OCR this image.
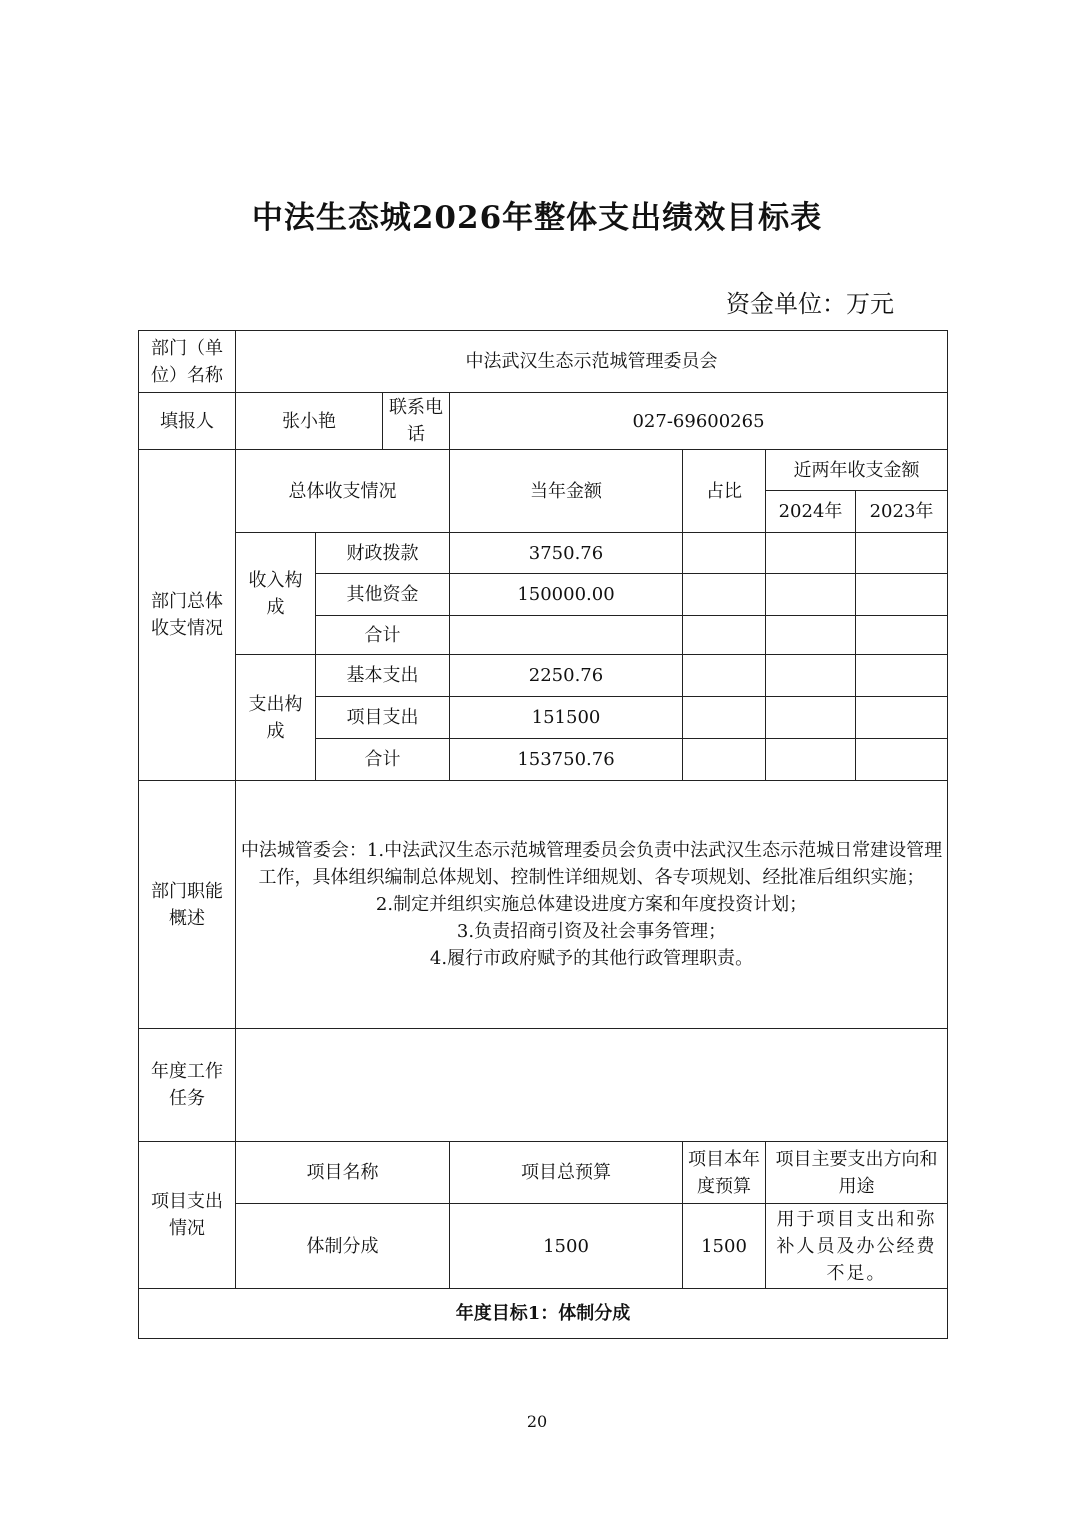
中法生态城2026年整体支出绩效目标表
资金单位：万元
部门（单位）名称	中法武汉生态示范城管理委员会						
填报人	张小艳		联系电话	027-69600265			
部门总体收支情况	总体收支情况			当年金额	占比	近两年收支金额	
						2024年	2023年
	收入构成	财政拨款		3750.76			
		其他资金		150000.00			
		合计					
	支出构成	基本支出		2250.76			
		项目支出		151500			
		合计		153750.76			
部门职能概述	中法城管委会：1.中法武汉生态示范城管理委员会负责中法武汉生态示范城日常建设管理工作，具体组织编制总体规划、控制性详细规划、各专项规划、经批准后组织实施；
2.制定并组织实施总体建设进度方案和年度投资计划；
3.负责招商引资及社会事务管理；
4.履行市政府赋予的其他行政管理职责。						

年度工作任务							
项目支出情况	项目名称			项目总预算	项目本年度预算	项目主要支出方向和用途	
	体制分成			1500	1500	用于项目支出和弥补人员及办公经费不足。	
年度目标1：体制分成							
20
